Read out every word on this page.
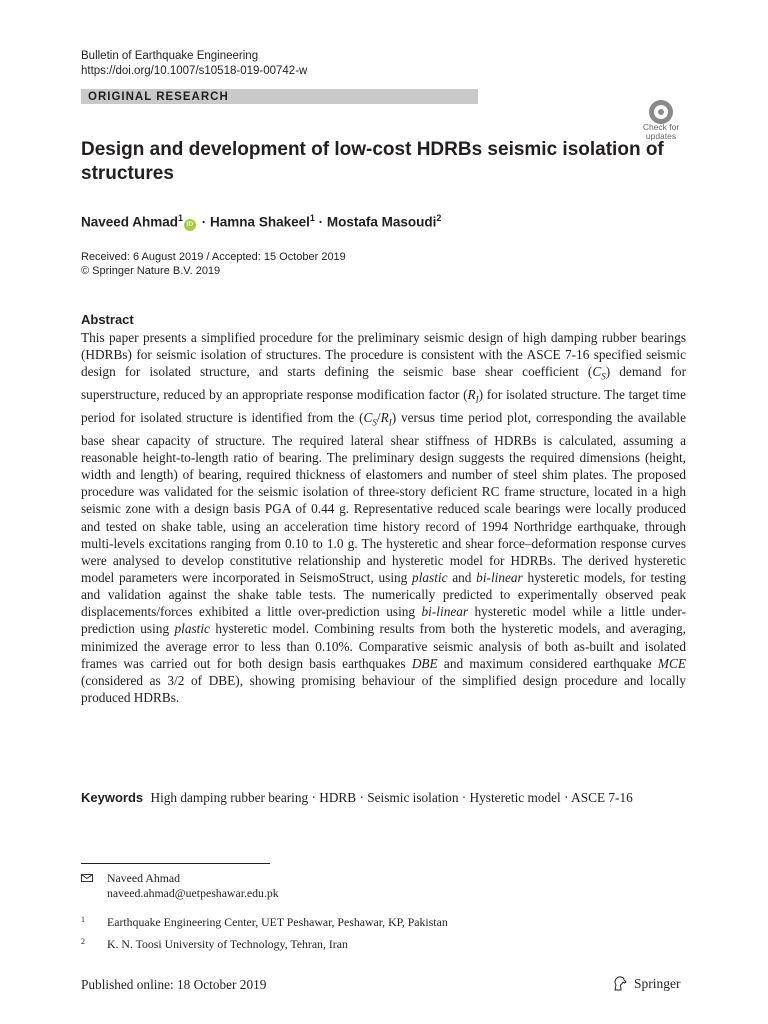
Bulletin of Earthquake Engineering
https://doi.org/10.1007/s10518-019-00742-w
ORIGINAL RESEARCH
Check for
updates
Design and development of low-cost HDRBs seismic isolation of structures
Naveed Ahmad$^1$iD · Hamna Shakeel$^1$ · Mostafa Masoudi$^2$
Received: 6 August 2019 / Accepted: 15 October 2019
© Springer Nature B.V. 2019
Abstract

This paper presents a simplified procedure for the preliminary seismic design of high damping rubber bearings (HDRBs) for seismic isolation of structures. The procedure is consistent with the ASCE 7-16 specified seismic design for isolated structure, and starts defining the seismic base shear coefficient $(C_S)$ demand for superstructure, reduced by an appropriate response modification factor $(R_I)$ for isolated structure. The target time period for isolated structure is identified from the $(C_S/R_I)$ versus time period plot, corresponding the available base shear capacity of structure. The required lateral shear stiffness of HDRBs is calculated, assuming a reasonable height-to-length ratio of bearing. The preliminary design suggests the required dimensions (height, width and length) of bearing, required thickness of elastomers and number of steel shim plates. The proposed procedure was validated for the seismic isolation of three-story deficient RC frame structure, located in a high seismic zone with a design basis PGA of 0.44 g. Representative reduced scale bearings were locally produced and tested on shake table, using an acceleration time history record of 1994 Northridge earthquake, through multi-levels excitations ranging from 0.10 to 1.0 g. The hysteretic and shear force–deformation response curves were analysed to develop constitutive relationship and hysteretic model for HDRBs. The derived hysteretic model parameters were incorporated in SeismoStruct, using plastic and bi-linear hysteretic models, for testing and validation against the shake table tests. The numerically predicted to experimentally observed peak displacements/forces exhibited a little over-prediction using bi-linear hysteretic model while a little under-prediction using plastic hysteretic model. Combining results from both the hysteretic models, and averaging, minimized the average error to less than 0.10%. Comparative seismic analysis of both as-built and isolated frames was carried out for both design basis earthquakes DBE and maximum considered earthquake MCE (considered as 3/2 of DBE), showing promising behaviour of the simplified design procedure and locally produced HDRBs.

Keywords High damping rubber bearing · HDRB · Seismic isolation · Hysteretic model · ASCE 7-16
Naveed Ahmad
naveed.ahmad@uetpeshawar.edu.pk
1 Earthquake Engineering Center, UET Peshawar, Peshawar, KP, Pakistan
2 K. N. Toosi University of Technology, Tehran, Iran
Published online: 18 October 2019	Springer
